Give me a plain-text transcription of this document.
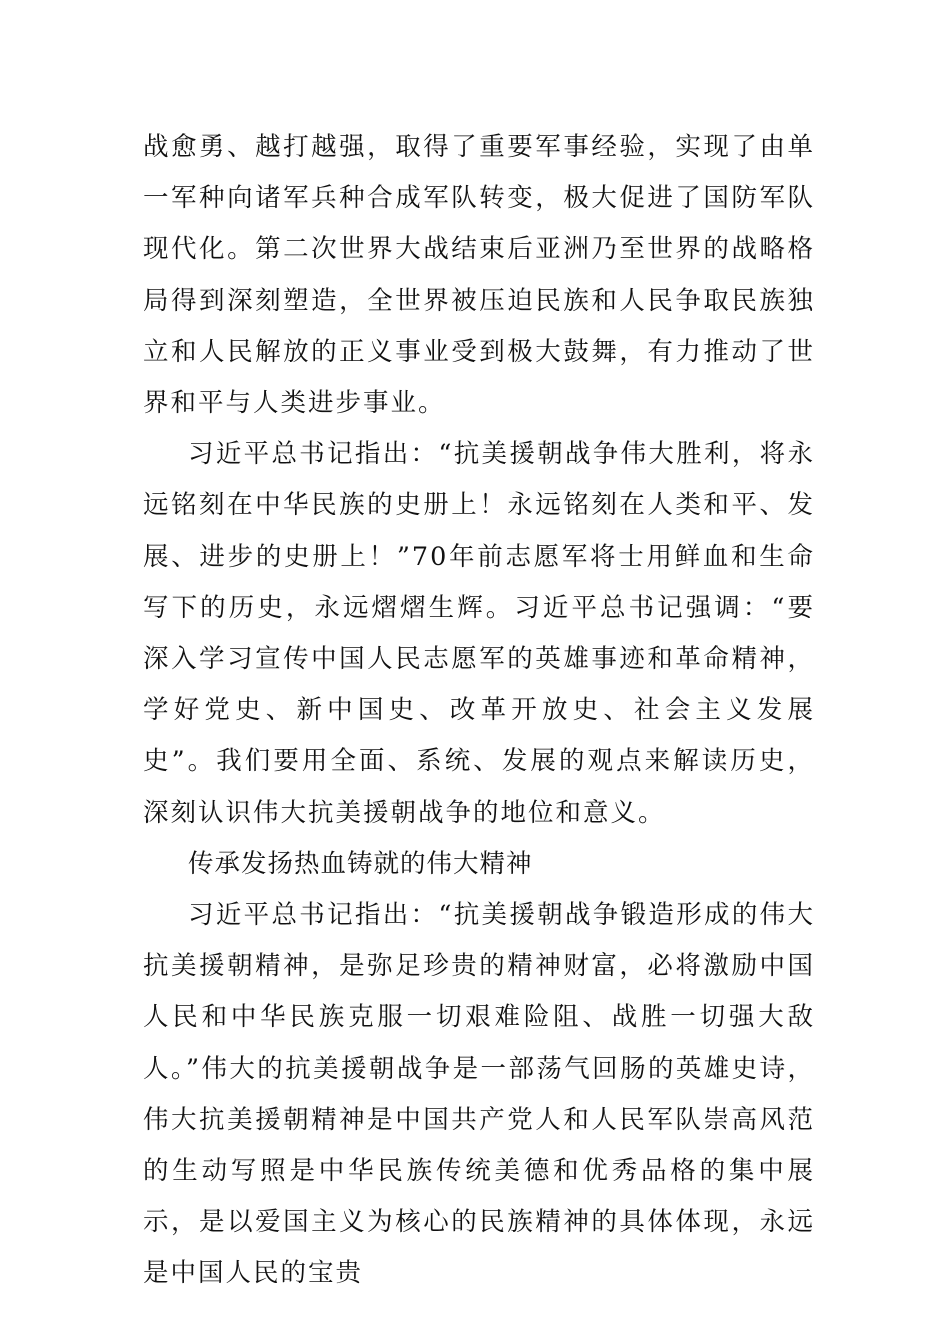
战愈勇、越打越强，取得了重要军事经验，实现了由单一军种向诸军兵种合成军队转变，极大促进了国防军队现代化。第二次世界大战结束后亚洲乃至世界的战略格局得到深刻塑造，全世界被压迫民族和人民争取民族独立和人民解放的正义事业受到极大鼓舞，有力推动了世界和平与人类进步事业。

习近平总书记指出：“抗美援朝战争伟大胜利，将永远铭刻在中华民族的史册上！永远铭刻在人类和平、发展、进步的史册上！”70年前志愿军将士用鲜血和生命写下的历史，永远熠熠生辉。习近平总书记强调：“要深入学习宣传中国人民志愿军的英雄事迹和革命精神，学好党史、新中国史、改革开放史、社会主义发展史”。我们要用全面、系统、发展的观点来解读历史，深刻认识伟大抗美援朝战争的地位和意义。

传承发扬热血铸就的伟大精神

习近平总书记指出：“抗美援朝战争锻造形成的伟大抗美援朝精神，是弥足珍贵的精神财富，必将激励中国人民和中华民族克服一切艰难险阻、战胜一切强大敌人。”伟大的抗美援朝战争是一部荡气回肠的英雄史诗，伟大抗美援朝精神是中国共产党人和人民军队崇高风范的生动写照是中华民族传统美德和优秀品格的集中展示，是以爱国主义为核心的民族精神的具体体现，永远是中国人民的宝贵
